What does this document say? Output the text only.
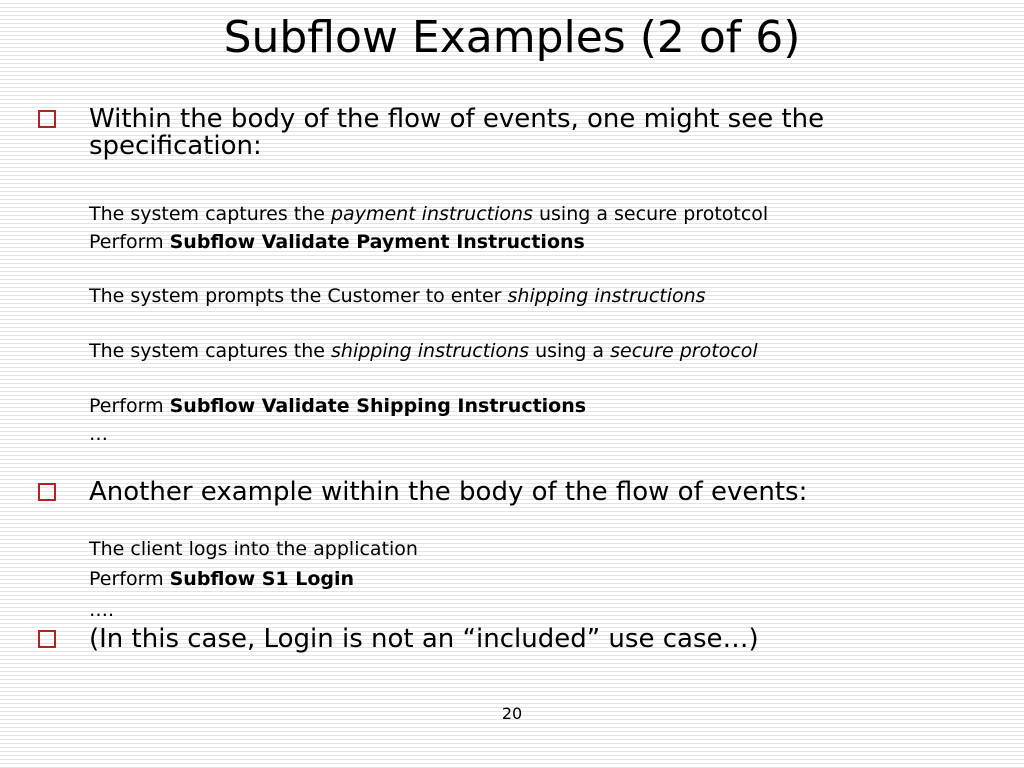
Subflow Examples (2 of 6)
Within the body of the flow of events, one might see the specification:
The system captures the payment instructions using a secure prototcol
Perform Subflow Validate Payment Instructions
The system prompts the Customer to enter shipping instructions
The system captures the shipping instructions using a secure protocol
Perform Subflow Validate Shipping Instructions
…
Another example within the body of the flow of events:
The client logs into the application
Perform Subflow S1 Login
….
(In this case, Login is not an “included” use case…)
20
